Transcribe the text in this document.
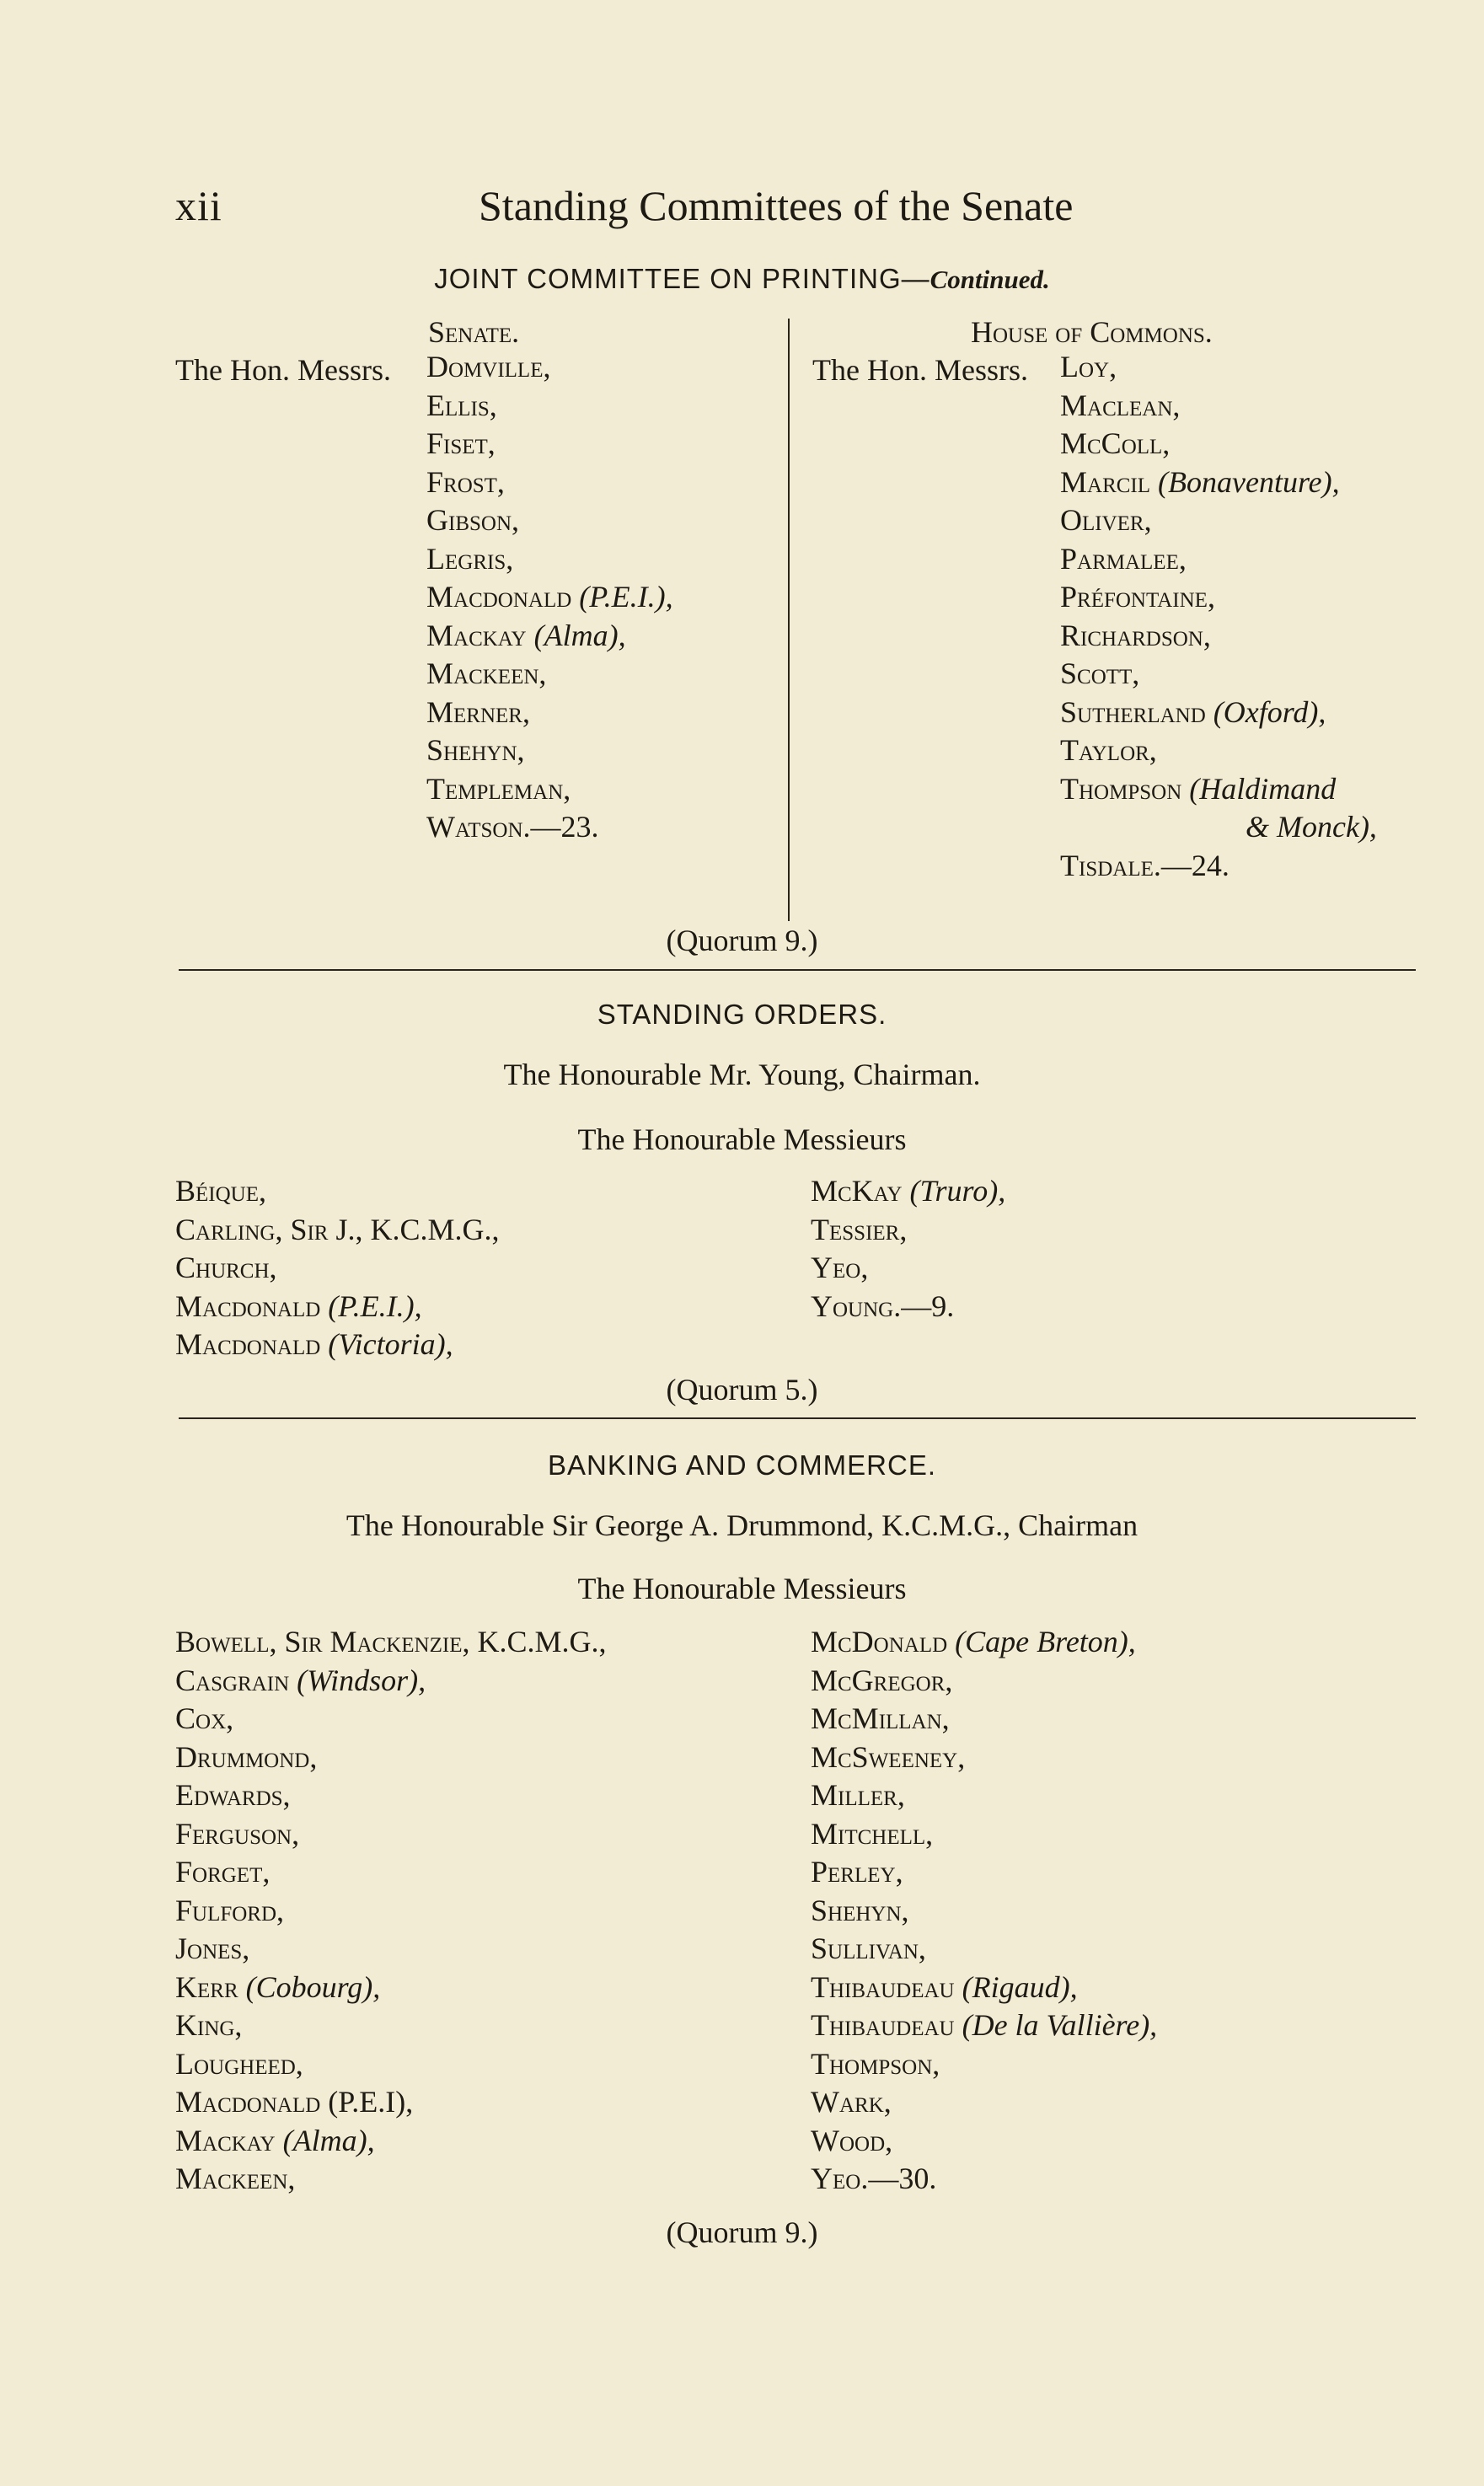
xii	Standing Committees of the Senate
JOINT COMMITTEE ON PRINTING—Continued.
Senate.
The Hon. Messrs. Domville,
Ellis,
Fiset,
Frost,
Gibson,
Legris,
Macdonald (P.E.I.),
Mackay (Alma),
Mackeen,
Merner,
Shehyn,
Templeman,
Watson.—23.
House of Commons.
The Hon. Messrs. Loy,
Maclean,
McColl,
Marcil (Bonaventure),
Oliver,
Parmalee,
Préfontaine,
Richardson,
Scott,
Sutherland (Oxford),
Taylor,
Thompson (Haldimand
& Monck),
Tisdale.—24.
(Quorum 9.)
STANDING ORDERS.
The Honourable Mr. Young, Chairman.
The Honourable Messieurs
Béique,
Carling, Sir J., K.C.M.G.,
Church,
Macdonald (P.E.I.),
Macdonald (Victoria),
McKay (Truro),
Tessier,
Yeo,
Young.—9.
(Quorum 5.)
BANKING AND COMMERCE.
The Honourable Sir George A. Drummond, K.C.M.G., Chairman
The Honourable Messieurs
Bowell, Sir Mackenzie, K.C.M.G.,
Casgrain (Windsor),
Cox,
Drummond,
Edwards,
Ferguson,
Forget,
Fulford,
Jones,
Kerr (Cobourg),
King,
Lougheed,
Macdonald (P.E.I),
Mackay (Alma),
Mackeen,
McDonald (Cape Breton),
McGregor,
McMillan,
McSweeney,
Miller,
Mitchell,
Perley,
Shehyn,
Sullivan,
Thibaudeau (Rigaud),
Thibaudeau (De la Vallière),
Thompson,
Wark,
Wood,
Yeo.—30.
(Quorum 9.)
